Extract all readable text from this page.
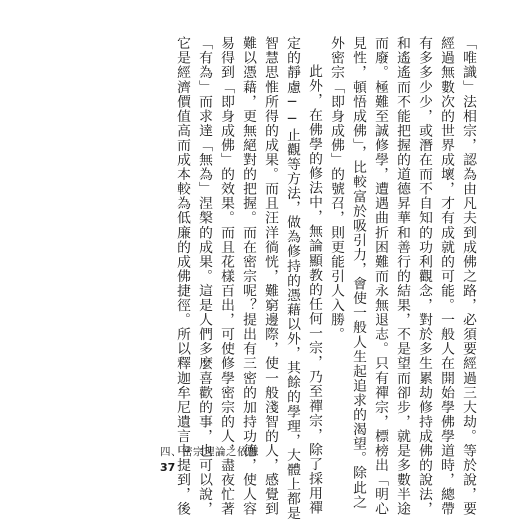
「唯識」法相宗，認為由凡夫到成佛之路，必須要經過三大劫。等於說，要
經過無數次的世界成壞，才有成就的可能。一般人在開始學佛學道時，總帶
有多多少少，或潛在而不自知的功利觀念，對於多生累劫修持成佛的說法，
和遙遙而不能把握的道德昇華和善行的結果，不是望而卻步，就是多數半途
而廢。極難至誠修學，遭遇曲折困難而永無退志。只有禪宗，標榜出「明心
見性，頓悟成佛」，比較富於吸引力，會使一般人生起追求的渴望。除此之
外密宗「即身成佛」的號召，則更能引人入勝。
此外，在佛學的修法中，無論顯教的任何一宗，乃至禪宗，除了採用禪
定的靜慮──止觀等方法，做為修持的憑藉以外，其餘的學理，大體上都是
智慧思惟所得的成果。而且汪洋徜恍，難窮邊際，使一般淺智的人，感覺到
難以憑藉，更無絕對的把握。而在密宗呢？提出有三密的加持功德，使人容
易得到「即身成佛」的效果。而且花樣百出，可使修學密宗的人，盡夜忙著
「有為」而求達「無為」涅槃的成果。這是人們多麼喜歡的事，也可以說，
它是經濟價值高而成本較為低廉的成佛捷徑。所以釋迦牟尼遺言中提到，後
四、密宗理論之依據
37
